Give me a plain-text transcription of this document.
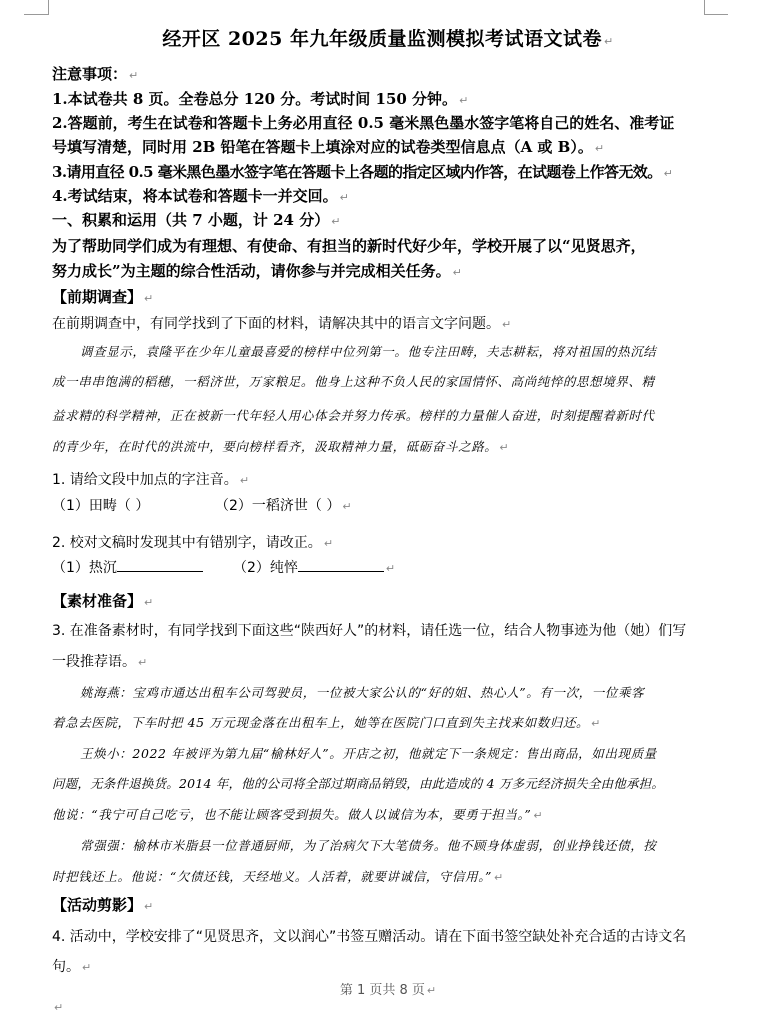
经开区 2025 年九年级质量监测模拟考试语文试卷 ↵
注意事项： ↵
1.本试卷共 8 页。全卷总分 120 分。考试时间 150 分钟。 ↵
2.答题前，考生在试卷和答题卡上务必用直径 0.5 毫米黑色墨水签字笔将自己的姓名、准考证
号填写清楚，同时用 2B 铅笔在答题卡上填涂对应的试卷类型信息点（A 或 B）。 ↵
3.请用直径 0.5 毫米黑色墨水签字笔在答题卡上各题的指定区域内作答，在试题卷上作答无效。 ↵
4.考试结束，将本试卷和答题卡一并交回。 ↵
一、积累和运用（共 7 小题，计 24 分） ↵
为了帮助同学们成为有理想、有使命、有担当的新时代好少年，学校开展了以“见贤思齐，
努力成长”为主题的综合性活动，请你参与并完成相关任务。 ↵
【前期调查】 ↵
在前期调查中，有同学找到了下面的材料，请解决其中的语言文字问题。 ↵
调查显示，袁隆平在少年儿童最喜爱的榜样中位列第一。他专注田畴，夫志耕耘，将对祖国的热沉结
成一串串饱满的稻穗，一稻济世，万家粮足。他身上这种不负人民的家国情怀、高尚纯悴的思想境界、精
益求精的科学精神，正在被新一代年轻人用心体会并努力传承。榜样的力量催人奋进，时刻提醒着新时代
的青少年，在时代的洪流中，要向榜样看齐，汲取精神力量，砥砺奋斗之路。 ↵
1. 请给文段中加点的字注音。 ↵
（1）田畴（ ）	（2）一稻济世（ ） ↵
2. 校对文稿时发现其中有错别字，请改正。 ↵
（1）热沉	（2）纯悴	↵
【素材准备】 ↵
3. 在准备素材时，有同学找到下面这些“陕西好人”的材料，请任选一位，结合人物事迹为他（她）们写
一段推荐语。 ↵
姚海燕：宝鸡市通达出租车公司驾驶员，一位被大家公认的“好的姐、热心人”。有一次，一位乘客
着急去医院，下车时把 45 万元现金落在出租车上，她等在医院门口直到失主找来如数归还。 ↵
王焕小：2022 年被评为第九届“榆林好人”。开店之初，他就定下一条规定：售出商品，如出现质量
问题，无条件退换货。2014 年，他的公司将全部过期商品销毁，由此造成的 4 万多元经济损失全由他承担。
他说：“我宁可自己吃亏，也不能让顾客受到损失。做人以诚信为本，要勇于担当。” ↵
常强强：榆林市米脂县一位普通厨师，为了治病欠下大笔债务。他不顾身体虚弱，创业挣钱还债，按
时把钱还上。他说：“欠债还钱，天经地义。人活着，就要讲诚信，守信用。” ↵
【活动剪影】 ↵
4. 活动中，学校安排了“见贤思齐，文以润心”书签互赠活动。请在下面书签空缺处补充合适的古诗文名
句。 ↵
第 1 页共 8 页 ↵
↵
